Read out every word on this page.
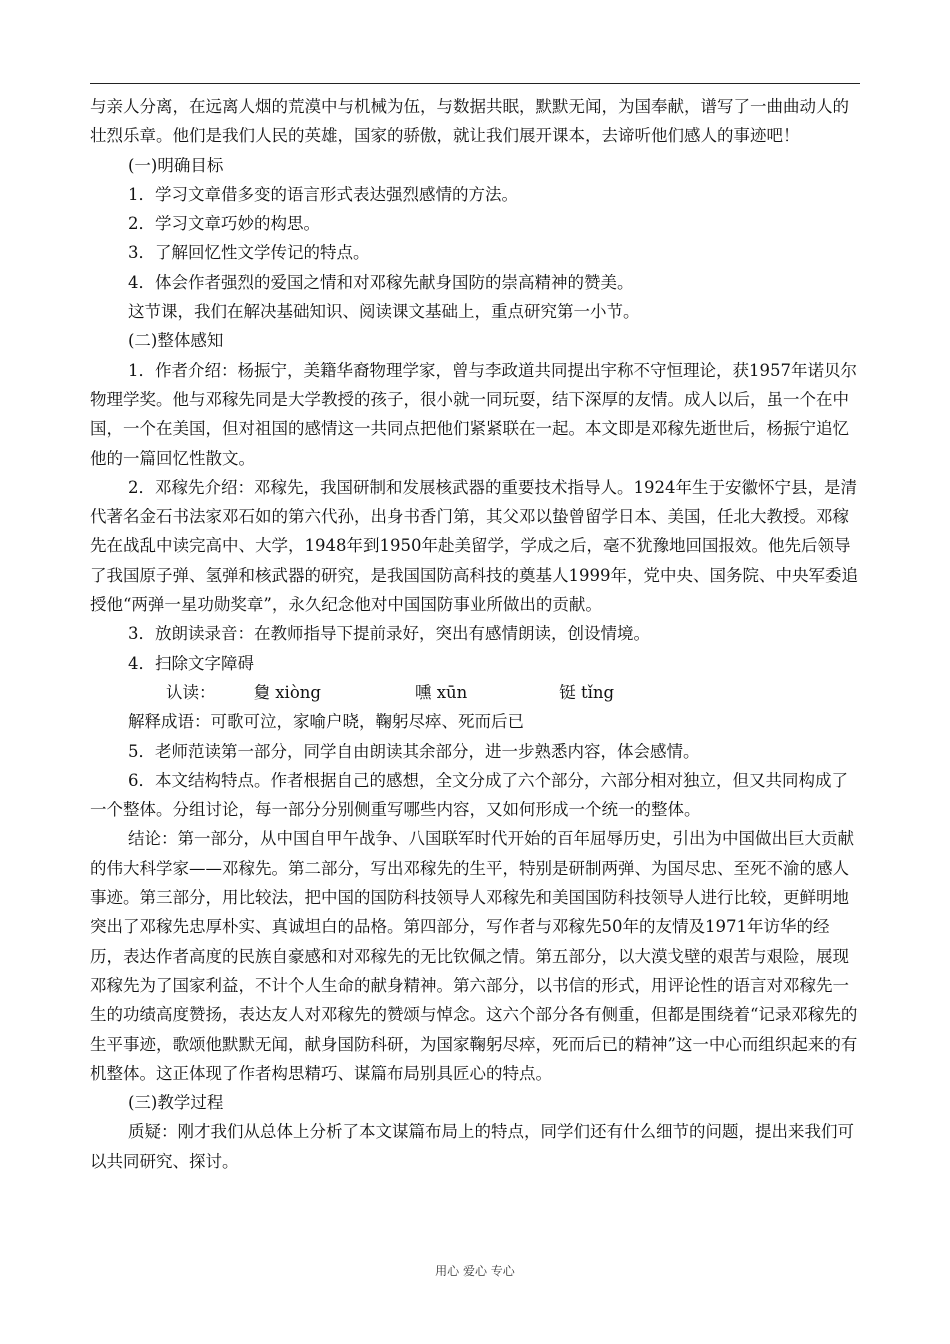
与亲人分离，在远离人烟的荒漠中与机械为伍，与数据共眠，默默无闻，为国奉献，谱写了一曲曲动人的壮烈乐章。他们是我们人民的英雄，国家的骄傲，就让我们展开课本，去谛听他们感人的事迹吧！

(一)明确目标

1．学习文章借多变的语言形式表达强烈感情的方法。

2．学习文章巧妙的构思。

3．了解回忆性文学传记的特点。

4．体会作者强烈的爱国之情和对邓稼先献身国防的崇高精神的赞美。

这节课，我们在解决基础知识、阅读课文基础上，重点研究第一小节。

(二)整体感知

1．作者介绍：杨振宁，美籍华裔物理学家，曾与李政道共同提出宇称不守恒理论，获1957年诺贝尔物理学奖。他与邓稼先同是大学教授的孩子，很小就一同玩耍，结下深厚的友情。成人以后，虽一个在中国，一个在美国，但对祖国的感情这一共同点把他们紧紧联在一起。本文即是邓稼先逝世后，杨振宁追忆他的一篇回忆性散文。

2．邓稼先介绍：邓稼先，我国研制和发展核武器的重要技术指导人。1924年生于安徽怀宁县，是清代著名金石书法家邓石如的第六代孙，出身书香门第，其父邓以蛰曾留学日本、美国，任北大教授。邓稼先在战乱中读完高中、大学，1948年到1950年赴美留学，学成之后，毫不犹豫地回国报效。他先后领导了我国原子弹、氢弹和核武器的研究，是我国国防高科技的奠基人1999年，党中央、国务院、中央军委追授他“两弹一星功勋奖章”，永久纪念他对中国国防事业所做出的贡献。

3．放朗读录音：在教师指导下提前录好，突出有感情朗读，创设情境。

4．扫除文字障碍

认读： 敻 xiòng	嚑 xūn	铤 tǐng

解释成语：可歌可泣，家喻户晓，鞠躬尽瘁、死而后已

5．老师范读第一部分，同学自由朗读其余部分，进一步熟悉内容，体会感情。

6．本文结构特点。作者根据自己的感想，全文分成了六个部分，六部分相对独立，但又共同构成了一个整体。分组讨论，每一部分分别侧重写哪些内容，又如何形成一个统一的整体。

结论：第一部分，从中国自甲午战争、八国联军时代开始的百年屈辱历史，引出为中国做出巨大贡献的伟大科学家——邓稼先。第二部分，写出邓稼先的生平，特别是研制两弹、为国尽忠、至死不渝的感人事迹。第三部分，用比较法，把中国的国防科技领导人邓稼先和美国国防科技领导人进行比较，更鲜明地突出了邓稼先忠厚朴实、真诚坦白的品格。第四部分，写作者与邓稼先50年的友情及1971年访华的经历，表达作者高度的民族自豪感和对邓稼先的无比钦佩之情。第五部分，以大漠戈壁的艰苦与艰险，展现邓稼先为了国家利益，不计个人生命的献身精神。第六部分，以书信的形式，用评论性的语言对邓稼先一生的功绩高度赞扬，表达友人对邓稼先的赞颂与悼念。这六个部分各有侧重，但都是围绕着“记录邓稼先的生平事迹，歌颂他默默无闻，献身国防科研，为国家鞠躬尽瘁，死而后已的精神”这一中心而组织起来的有机整体。这正体现了作者构思精巧、谋篇布局别具匠心的特点。

(三)教学过程

质疑：刚才我们从总体上分析了本文谋篇布局上的特点，同学们还有什么细节的问题，提出来我们可以共同研究、探讨。

用心 爱心 专心
